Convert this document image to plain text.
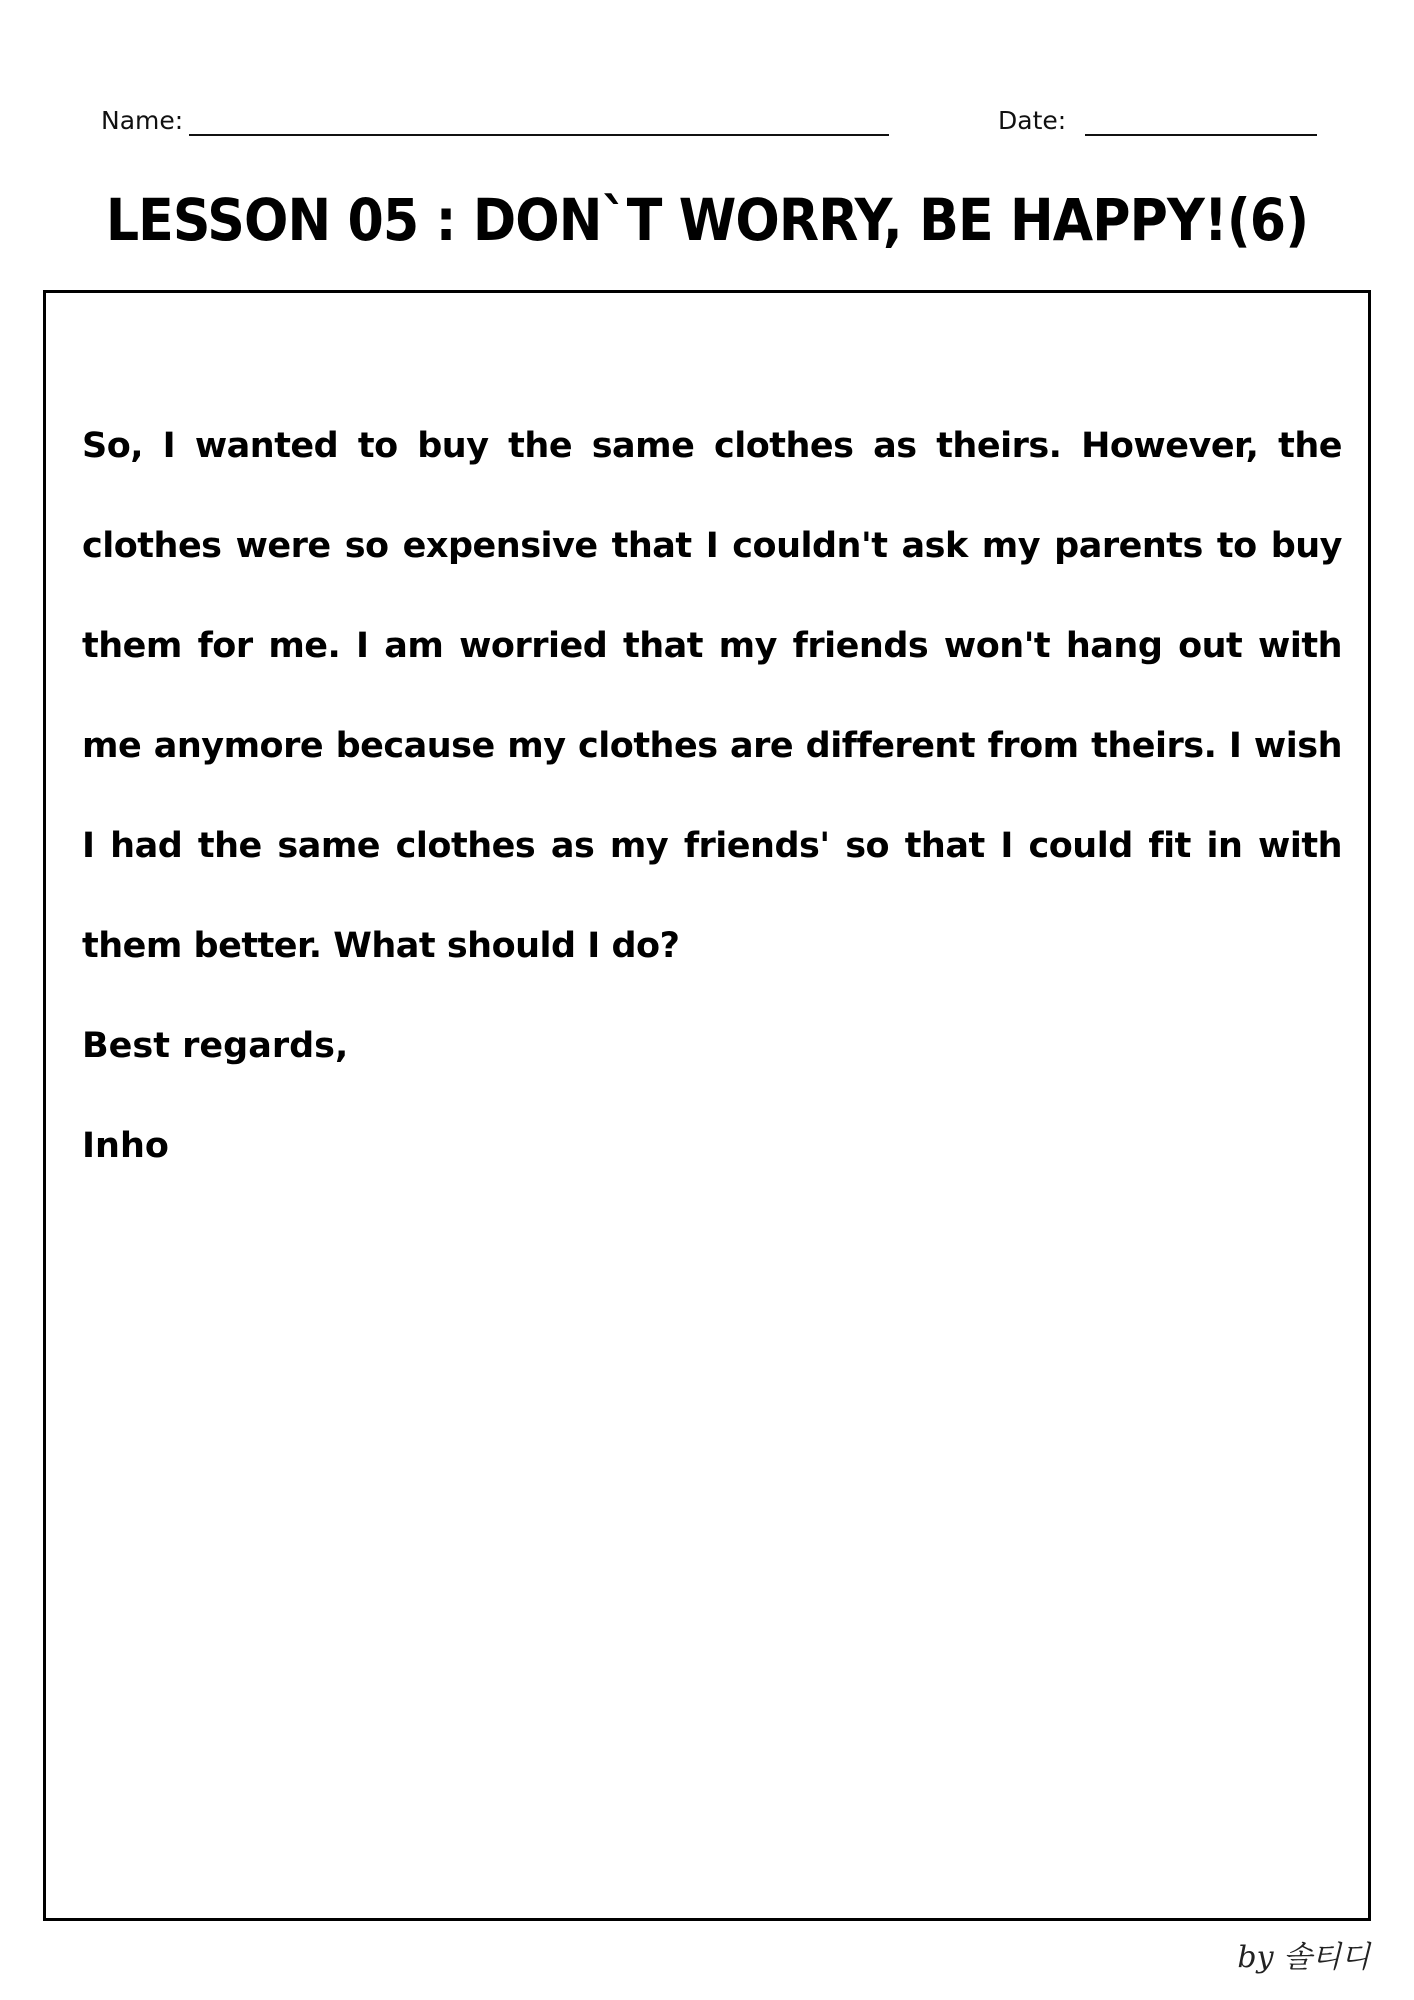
Name:	Date:
LESSON 05 : DON`T WORRY, BE HAPPY!(6)

So, I wanted to buy the same clothes as theirs. However, the clothes were so expensive that I couldn't ask my parents to buy them for me. I am worried that my friends won't hang out with me anymore because my clothes are different from theirs. I wish I had the same clothes as my friends' so that I could fit in with them better. What should I do?

Best regards,

Inho

by 솔티디
